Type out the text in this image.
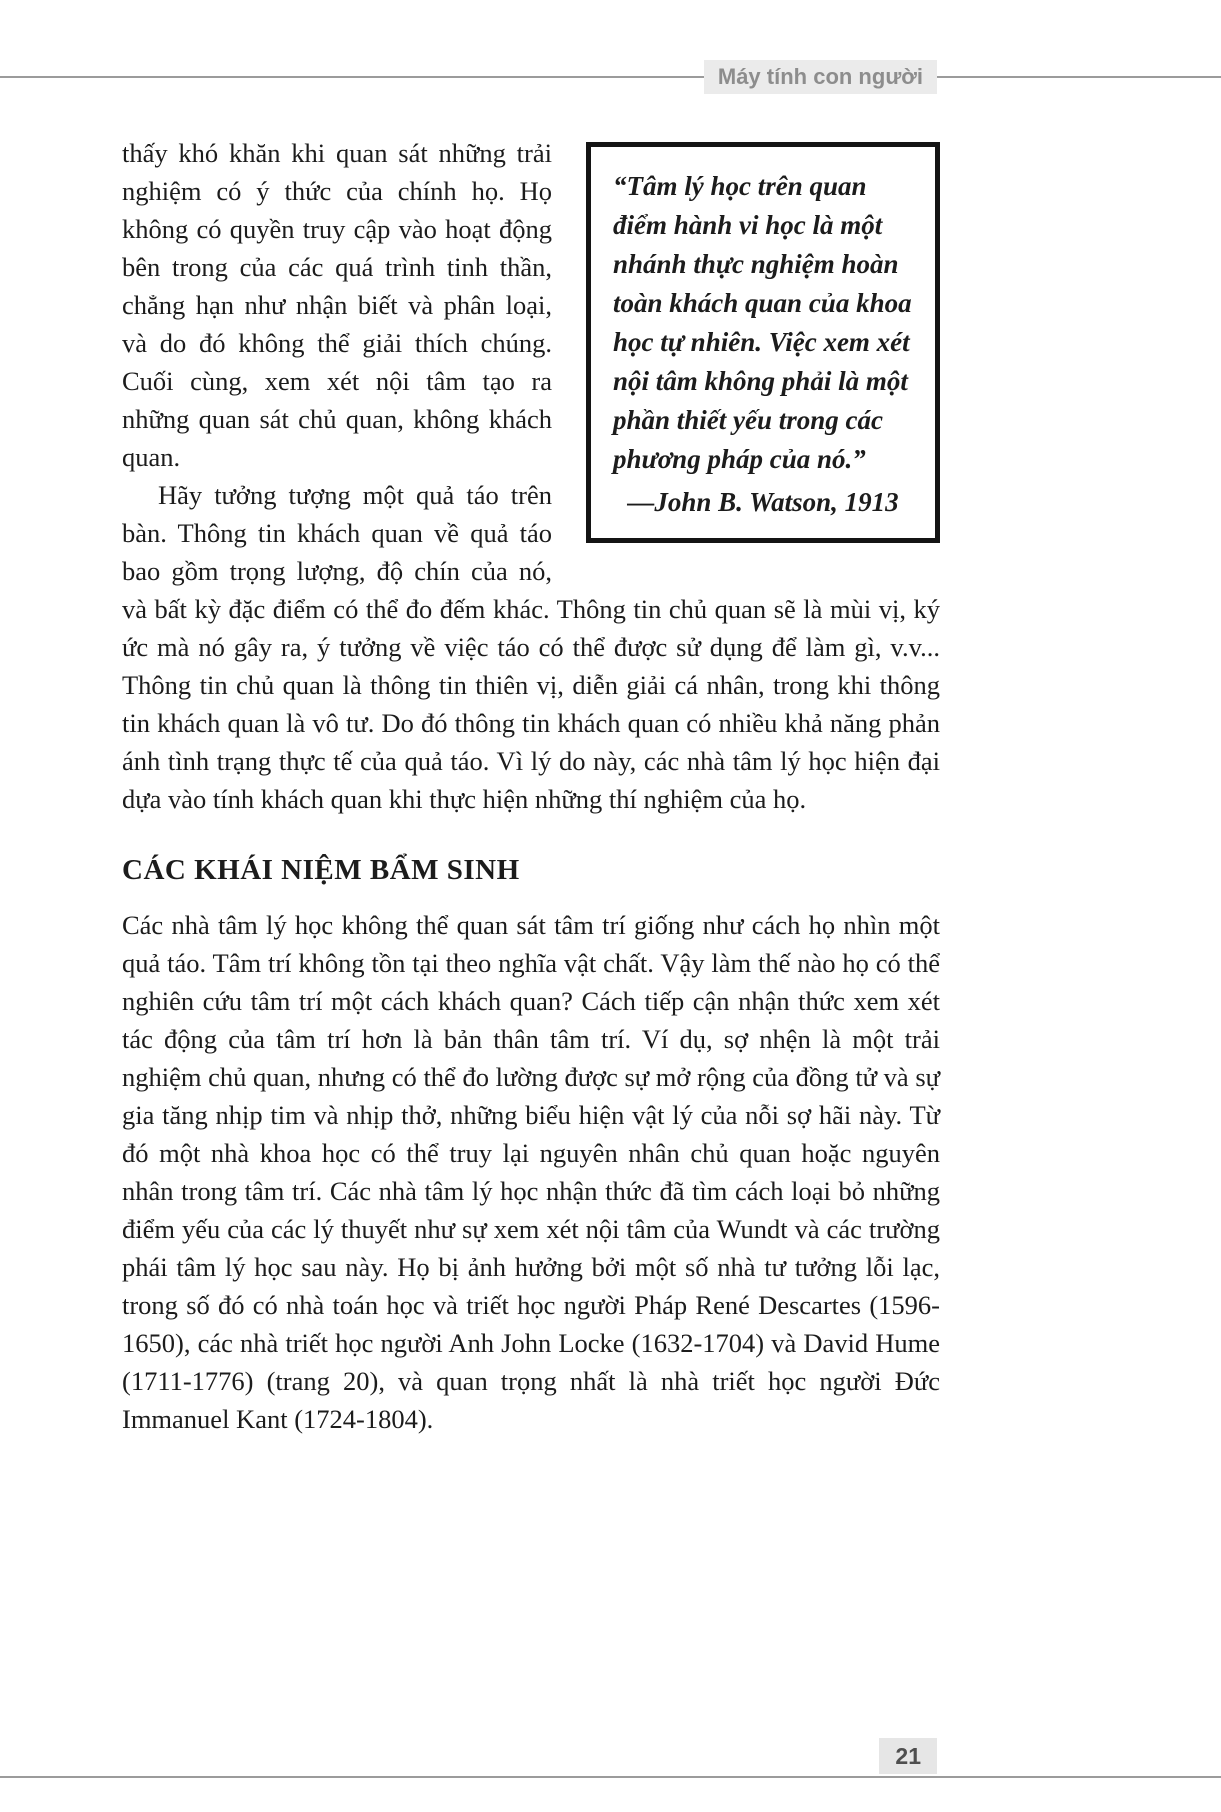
Máy tính con người

“Tâm lý học trên quan điểm hành vi học là một nhánh thực nghiệm hoàn toàn khách quan của khoa học tự nhiên. Việc xem xét nội tâm không phải là một phần thiết yếu trong các phương pháp của nó.”

—John B. Watson, 1913

thấy khó khăn khi quan sát những trải nghiệm có ý thức của chính họ. Họ không có quyền truy cập vào hoạt động bên trong của các quá trình tinh thần, chẳng hạn như nhận biết và phân loại, và do đó không thể giải thích chúng. Cuối cùng, xem xét nội tâm tạo ra những quan sát chủ quan, không khách quan.

Hãy tưởng tượng một quả táo trên bàn. Thông tin khách quan về quả táo bao gồm trọng lượng, độ chín của nó, và bất kỳ đặc điểm có thể đo đếm khác. Thông tin chủ quan sẽ là mùi vị, ký ức mà nó gây ra, ý tưởng về việc táo có thể được sử dụng để làm gì, v.v... Thông tin chủ quan là thông tin thiên vị, diễn giải cá nhân, trong khi thông tin khách quan là vô tư. Do đó thông tin khách quan có nhiều khả năng phản ánh tình trạng thực tế của quả táo. Vì lý do này, các nhà tâm lý học hiện đại dựa vào tính khách quan khi thực hiện những thí nghiệm của họ.

CÁC KHÁI NIỆM BẨM SINH

Các nhà tâm lý học không thể quan sát tâm trí giống như cách họ nhìn một quả táo. Tâm trí không tồn tại theo nghĩa vật chất. Vậy làm thế nào họ có thể nghiên cứu tâm trí một cách khách quan? Cách tiếp cận nhận thức xem xét tác động của tâm trí hơn là bản thân tâm trí. Ví dụ, sợ nhện là một trải nghiệm chủ quan, nhưng có thể đo lường được sự mở rộng của đồng tử và sự gia tăng nhịp tim và nhịp thở, những biểu hiện vật lý của nỗi sợ hãi này. Từ đó một nhà khoa học có thể truy lại nguyên nhân chủ quan hoặc nguyên nhân trong tâm trí. Các nhà tâm lý học nhận thức đã tìm cách loại bỏ những điểm yếu của các lý thuyết như sự xem xét nội tâm của Wundt và các trường phái tâm lý học sau này. Họ bị ảnh hưởng bởi một số nhà tư tưởng lỗi lạc, trong số đó có nhà toán học và triết học người Pháp René Descartes (1596-1650), các nhà triết học người Anh John Locke (1632-1704) và David Hume (1711-1776) (trang 20), và quan trọng nhất là nhà triết học người Đức Immanuel Kant (1724-1804).

21
